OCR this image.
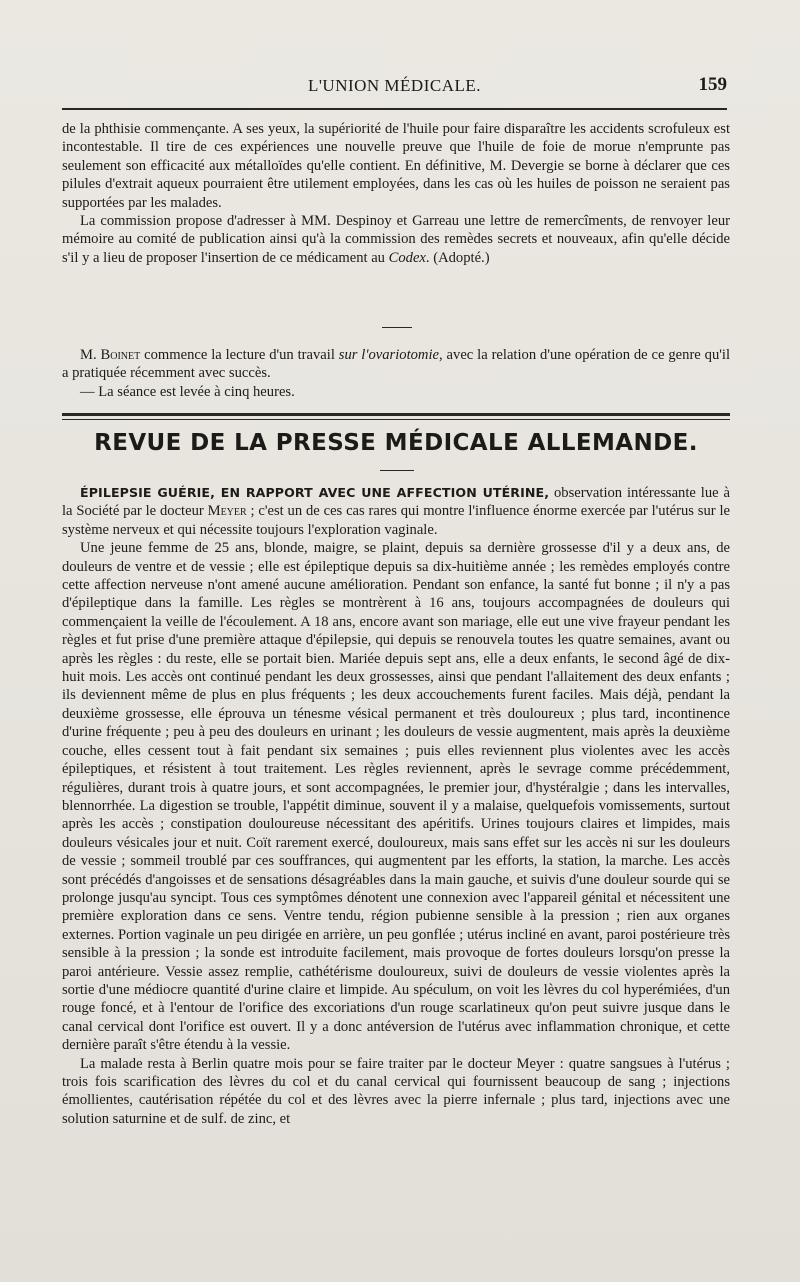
L'UNION MÉDICALE.	159

de la phthisie commençante. A ses yeux, la supériorité de l'huile pour faire disparaître les accidents scrofuleux est incontestable. Il tire de ces expériences une nouvelle preuve que l'huile de foie de morue n'emprunte pas seulement son efficacité aux métalloïdes qu'elle contient. En définitive, M. Devergie se borne à déclarer que ces pilules d'extrait aqueux pourraient être utilement employées, dans les cas où les huiles de poisson ne seraient pas supportées par les malades.

La commission propose d'adresser à MM. Despinoy et Garreau une lettre de remercîments, de renvoyer leur mémoire au comité de publication ainsi qu'à la commission des remèdes secrets et nouveaux, afin qu'elle décide s'il y a lieu de proposer l'insertion de ce médicament au Codex. (Adopté.)

M. Boinet commence la lecture d'un travail sur l'ovariotomie, avec la relation d'une opération de ce genre qu'il a pratiquée récemment avec succès.

— La séance est levée à cinq heures.

REVUE DE LA PRESSE MÉDICALE ALLEMANDE.

ÉPILEPSIE GUÉRIE, EN RAPPORT AVEC UNE AFFECTION UTÉRINE, observation intéressante lue à la Société par le docteur Meyer ; c'est un de ces cas rares qui montre l'influence énorme exercée par l'utérus sur le système nerveux et qui nécessite toujours l'exploration vaginale.

Une jeune femme de 25 ans, blonde, maigre, se plaint, depuis sa dernière grossesse d'il y a deux ans, de douleurs de ventre et de vessie ; elle est épileptique depuis sa dix-huitième année ; les remèdes employés contre cette affection nerveuse n'ont amené aucune amélioration. Pendant son enfance, la santé fut bonne ; il n'y a pas d'épileptique dans la famille. Les règles se montrèrent à 16 ans, toujours accompagnées de douleurs qui commençaient la veille de l'écoulement. A 18 ans, encore avant son mariage, elle eut une vive frayeur pendant les règles et fut prise d'une première attaque d'épilepsie, qui depuis se renouvela toutes les quatre semaines, avant ou après les règles : du reste, elle se portait bien. Mariée depuis sept ans, elle a deux enfants, le second âgé de dix-huit mois. Les accès ont continué pendant les deux grossesses, ainsi que pendant l'allaitement des deux enfants ; ils deviennent même de plus en plus fréquents ; les deux accouchements furent faciles. Mais déjà, pendant la deuxième grossesse, elle éprouva un ténesme vésical permanent et très douloureux ; plus tard, incontinence d'urine fréquente ; peu à peu des douleurs en urinant ; les douleurs de vessie augmentent, mais après la deuxième couche, elles cessent tout à fait pendant six semaines ; puis elles reviennent plus violentes avec les accès épileptiques, et résistent à tout traitement. Les règles reviennent, après le sevrage comme précédemment, régulières, durant trois à quatre jours, et sont accompagnées, le premier jour, d'hystéralgie ; dans les intervalles, blennorrhée. La digestion se trouble, l'appétit diminue, souvent il y a malaise, quelquefois vomissements, surtout après les accès ; constipation douloureuse nécessitant des apéritifs. Urines toujours claires et limpides, mais douleurs vésicales jour et nuit. Coït rarement exercé, douloureux, mais sans effet sur les accès ni sur les douleurs de vessie ; sommeil troublé par ces souffrances, qui augmentent par les efforts, la station, la marche. Les accès sont précédés d'angoisses et de sensations désagréables dans la main gauche, et suivis d'une douleur sourde qui se prolonge jusqu'au syncipt. Tous ces symptômes dénotent une connexion avec l'appareil génital et nécessitent une première exploration dans ce sens. Ventre tendu, région pubienne sensible à la pression ; rien aux organes externes. Portion vaginale un peu dirigée en arrière, un peu gonflée ; utérus incliné en avant, paroi postérieure très sensible à la pression ; la sonde est introduite facilement, mais provoque de fortes douleurs lorsqu'on presse la paroi antérieure. Vessie assez remplie, cathétérisme douloureux, suivi de douleurs de vessie violentes après la sortie d'une médiocre quantité d'urine claire et limpide. Au spéculum, on voit les lèvres du col hyperémiées, d'un rouge foncé, et à l'entour de l'orifice des excoriations d'un rouge scarlatineux qu'on peut suivre jusque dans le canal cervical dont l'orifice est ouvert. Il y a donc antéversion de l'utérus avec inflammation chronique, et cette dernière paraît s'être étendu à la vessie.

La malade resta à Berlin quatre mois pour se faire traiter par le docteur Meyer : quatre sangsues à l'utérus ; trois fois scarification des lèvres du col et du canal cervical qui fournissent beaucoup de sang ; injections émollientes, cautérisation répétée du col et des lèvres avec la pierre infernale ; plus tard, injections avec une solution saturnine et de sulf. de zinc, et
